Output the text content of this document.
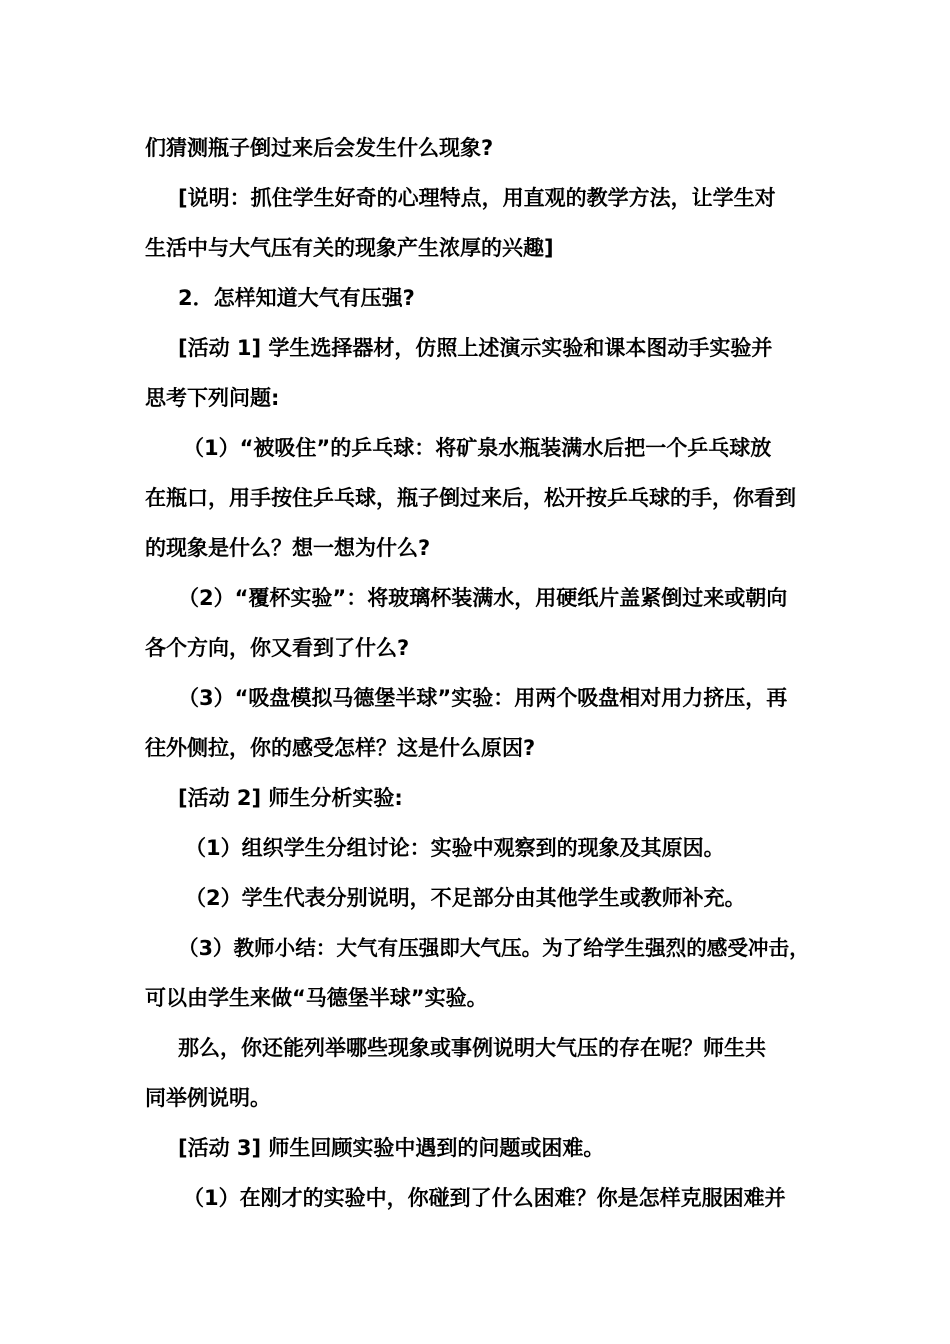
们猜测瓶子倒过来后会发生什么现象?
[说明：抓住学生好奇的心理特点，用直观的教学方法，让学生对
生活中与大气压有关的现象产生浓厚的兴趣]
2．怎样知道大气有压强?
[活动 1] 学生选择器材，仿照上述演示实验和课本图动手实验并
思考下列问题:
（1）“被吸住”的乒乓球：将矿泉水瓶装满水后把一个乒乓球放
在瓶口，用手按住乒乓球，瓶子倒过来后，松开按乒乓球的手，你看到
的现象是什么？想一想为什么?
（2）“覆杯实验”：将玻璃杯装满水，用硬纸片盖紧倒过来或朝向
各个方向，你又看到了什么?
（3）“吸盘模拟马德堡半球”实验：用两个吸盘相对用力挤压，再
往外侧拉，你的感受怎样？这是什么原因?
[活动 2] 师生分析实验:
（1）组织学生分组讨论：实验中观察到的现象及其原因。
（2）学生代表分别说明，不足部分由其他学生或教师补充。
（3）教师小结：大气有压强即大气压。为了给学生强烈的感受冲击，
可以由学生来做“马德堡半球”实验。
那么，你还能列举哪些现象或事例说明大气压的存在呢？师生共
同举例说明。
[活动 3] 师生回顾实验中遇到的问题或困难。
（1）在刚才的实验中，你碰到了什么困难？你是怎样克服困难并
